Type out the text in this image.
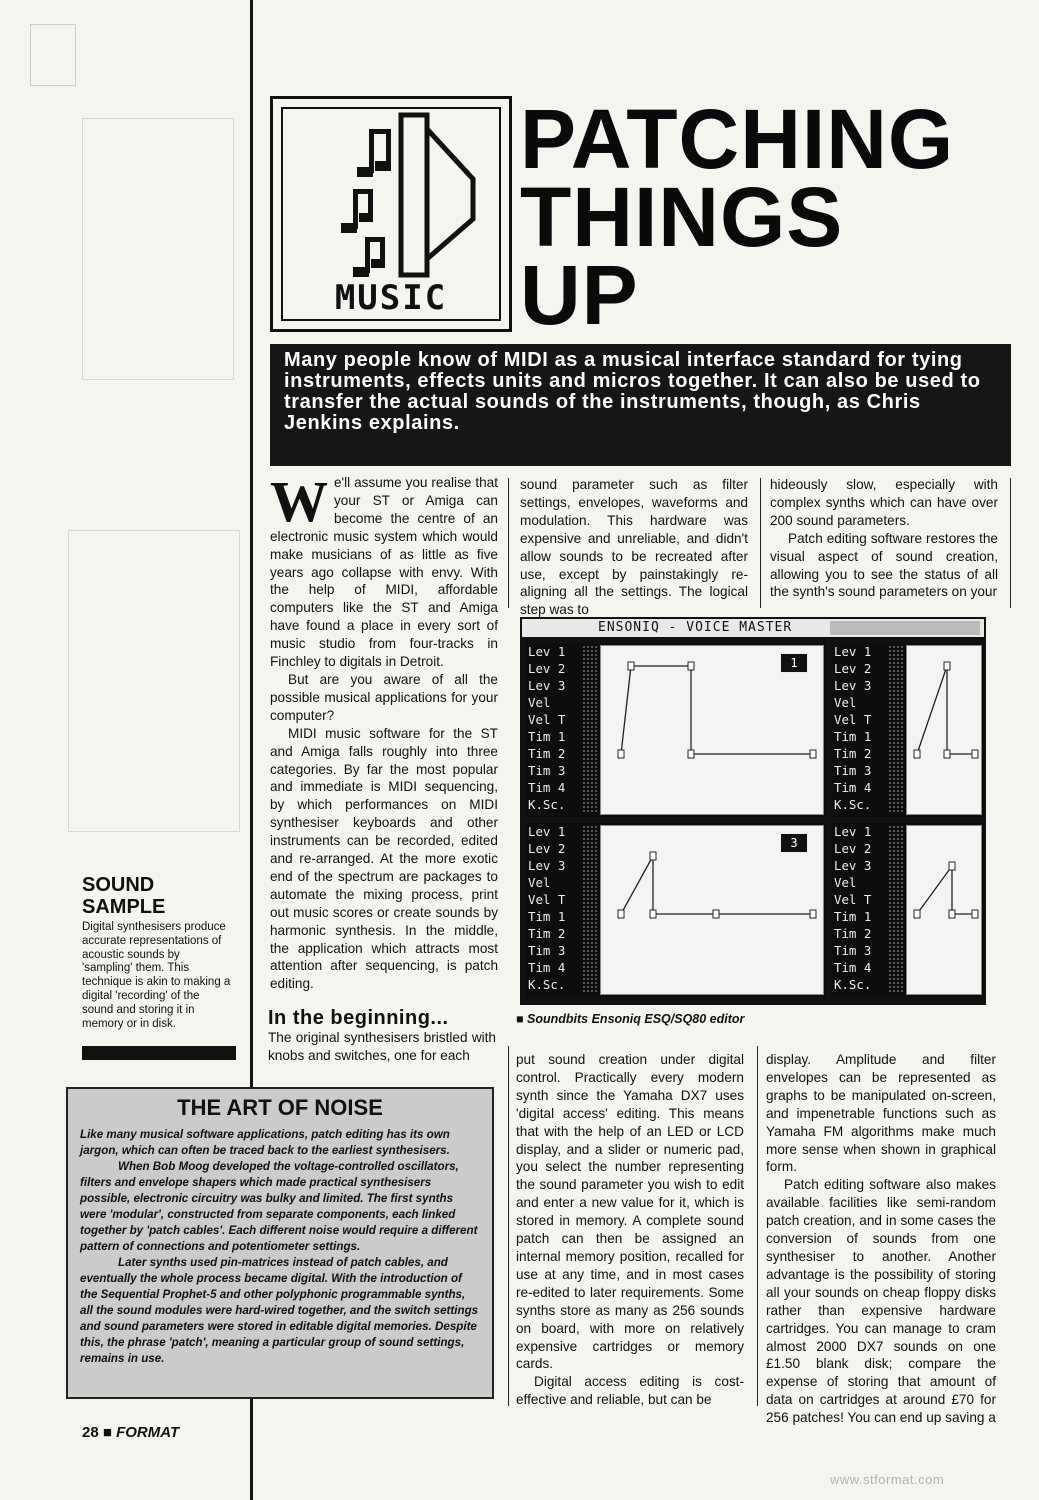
MUSIC
PATCHING
THINGS
UP
Many people know of MIDI as a musical interface standard for tying instruments, effects units and micros together. It can also be used to transfer the actual sounds of the instruments, though, as Chris Jenkins explains.
W e'll assume you realise that your ST or Amiga can become the centre of an electronic music system which would make musicians of as little as five years ago collapse with envy. With the help of MIDI, affordable computers like the ST and Amiga have found a place in every sort of music studio from four-tracks in Finchley to digitals in Detroit.

But are you aware of all the possible musical applications for your computer?

MIDI music software for the ST and Amiga falls roughly into three categories. By far the most popular and immediate is MIDI sequencing, by which performances on MIDI synthesiser keyboards and other instruments can be recorded, edited and re-arranged. At the more exotic end of the spectrum are packages to automate the mixing process, print out music scores or create sounds by harmonic synthesis. In the middle, the application which attracts most attention after sequencing, is patch editing.

In the beginning...
The original synthesisers bristled with knobs and switches, one for each
sound parameter such as filter settings, envelopes, waveforms and modulation. This hardware was expensive and unreliable, and didn't allow sounds to be recreated after use, except by painstakingly re-aligning all the settings. The logical step was to

hideously slow, especially with complex synths which can have over 200 sound parameters.

Patch editing software restores the visual aspect of sound creation, allowing you to see the status of all the synth's sound parameters on your

ENSONIQ - VOICE MASTER
Lev 1
Lev 2
Lev 3
Vel
Vel T
Tim 1
Tim 2
Tim 3
Tim 4
K.Sc.
1
Lev 1
Lev 2
Lev 3
Vel
Vel T
Tim 1
Tim 2
Tim 3
Tim 4
K.Sc.
Lev 1
Lev 2
Lev 3
Vel
Vel T
Tim 1
Tim 2
Tim 3
Tim 4
K.Sc.
3
Lev 1
Lev 2
Lev 3
Vel
Vel T
Tim 1
Tim 2
Tim 3
Tim 4
K.Sc.
■ Soundbits Ensoniq ESQ/SQ80 editor

put sound creation under digital control. Practically every modern synth since the Yamaha DX7 uses 'digital access' editing. This means that with the help of an LED or LCD display, and a slider or numeric pad, you select the number representing the sound parameter you wish to edit and enter a new value for it, which is stored in memory. A complete sound patch can then be assigned an internal memory position, recalled for use at any time, and in most cases re-edited to later requirements. Some synths store as many as 256 sounds on board, with more on relatively expensive cartridges or memory cards.

Digital access editing is cost-effective and reliable, but can be

display. Amplitude and filter envelopes can be represented as graphs to be manipulated on-screen, and impenetrable functions such as Yamaha FM algorithms make much more sense when shown in graphical form.

Patch editing software also makes available facilities like semi-random patch creation, and in some cases the conversion of sounds from one synthesiser to another. Another advantage is the possibility of storing all your sounds on cheap floppy disks rather than expensive hardware cartridges. You can manage to cram almost 2000 DX7 sounds on one £1.50 blank disk; compare the expense of storing that amount of data on cartridges at around £70 for 256 patches! You can end up saving a

SOUND
SAMPLE
Digital synthesisers produce accurate representations of acoustic sounds by 'sampling' them. This technique is akin to making a digital 'recording' of the sound and storing it in memory or in disk.
THE ART OF NOISE

Like many musical software applications, patch editing has its own jargon, which can often be traced back to the earliest synthesisers.

When Bob Moog developed the voltage-controlled oscillators, filters and envelope shapers which made practical synthesisers possible, electronic circuitry was bulky and limited. The first synths were 'modular', constructed from separate components, each linked together by 'patch cables'. Each different noise would require a different pattern of connections and potentiometer settings.

Later synths used pin-matrices instead of patch cables, and eventually the whole process became digital. With the introduction of the Sequential Prophet-5 and other polyphonic programmable synths, all the sound modules were hard-wired together, and the switch settings and sound parameters were stored in editable digital memories. Despite this, the phrase 'patch', meaning a particular group of sound settings, remains in use.

28 ■ FORMAT
www.stformat.com
